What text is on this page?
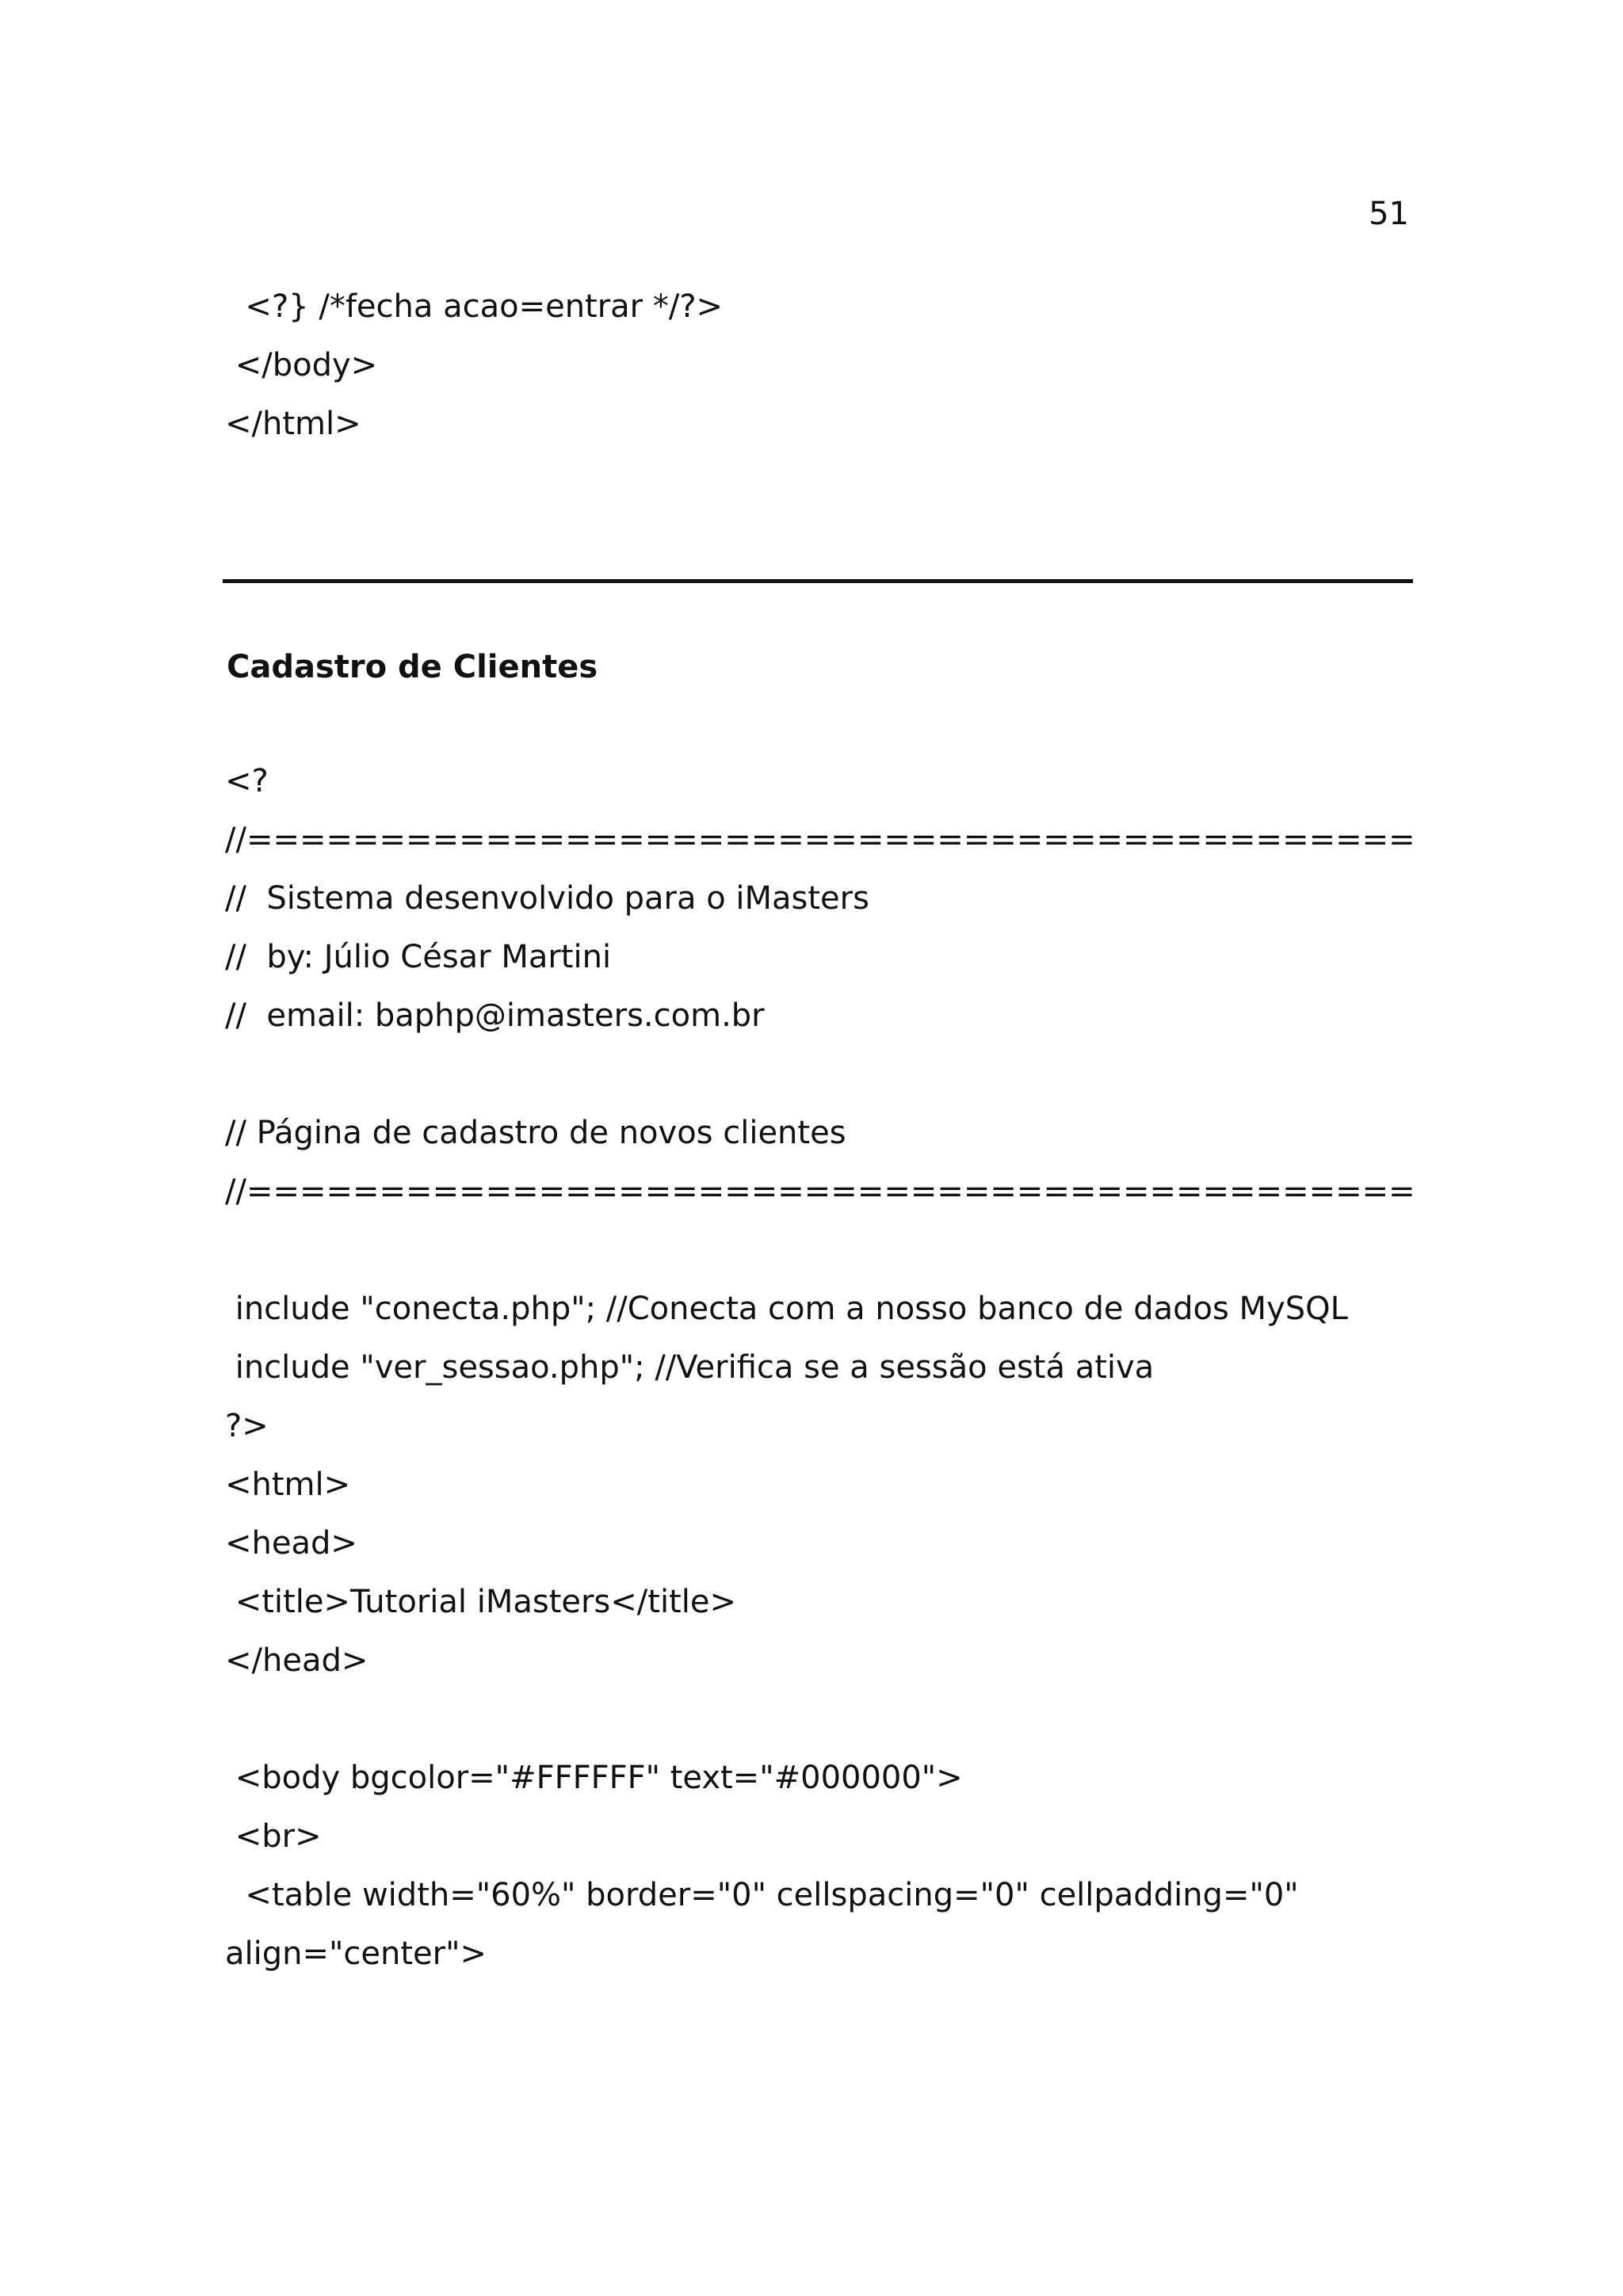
51
<?} /*fecha acao=entrar */?>
</body>
</html>
Cadastro de Clientes
<?
//============================================
//  Sistema desenvolvido para o iMasters
//  by: Júlio César Martini
//  email: baphp@imasters.com.br
// Página de cadastro de novos clientes
//============================================
include "conecta.php"; //Conecta com a nosso banco de dados MySQL
include "ver_sessao.php"; //Verifica se a sessão está ativa
?>
<html>
<head>
<title>Tutorial iMasters</title>
</head>
<body bgcolor="#FFFFFF" text="#000000">
<br>
<table width="60%" border="0" cellspacing="0" cellpadding="0"
align="center">
